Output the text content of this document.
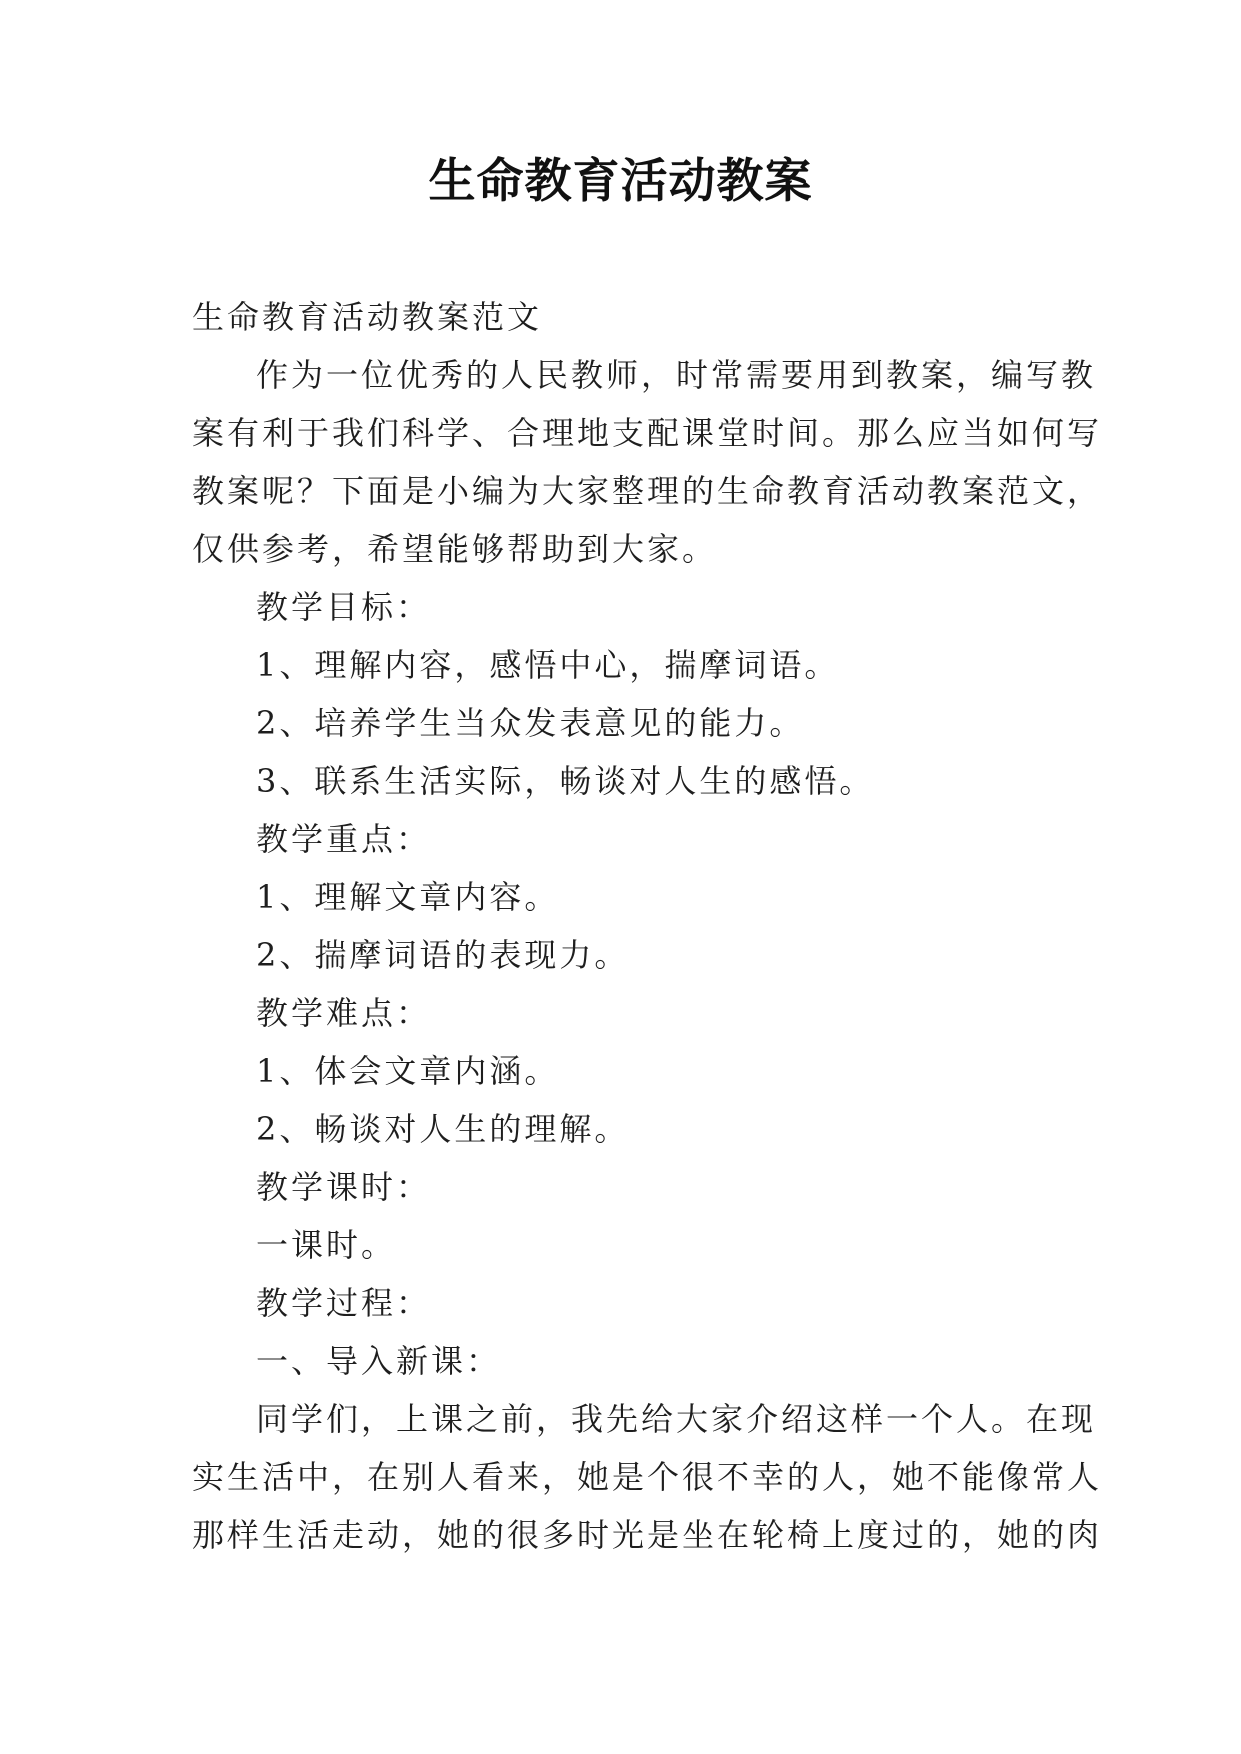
生命教育活动教案

生命教育活动教案范文

作为一位优秀的人民教师，时常需要用到教案，编写教

案有利于我们科学、合理地支配课堂时间。那么应当如何写

教案呢？下面是小编为大家整理的生命教育活动教案范文，

仅供参考，希望能够帮助到大家。

教学目标：

1、理解内容，感悟中心，揣摩词语。

2、培养学生当众发表意见的能力。

3、联系生活实际，畅谈对人生的感悟。

教学重点：

1、理解文章内容。

2、揣摩词语的表现力。

教学难点：

1、体会文章内涵。

2、畅谈对人生的理解。

教学课时：

一课时。

教学过程：

一、导入新课：

同学们，上课之前，我先给大家介绍这样一个人。在现

实生活中，在别人看来，她是个很不幸的人，她不能像常人

那样生活走动，她的很多时光是坐在轮椅上度过的，她的肉
